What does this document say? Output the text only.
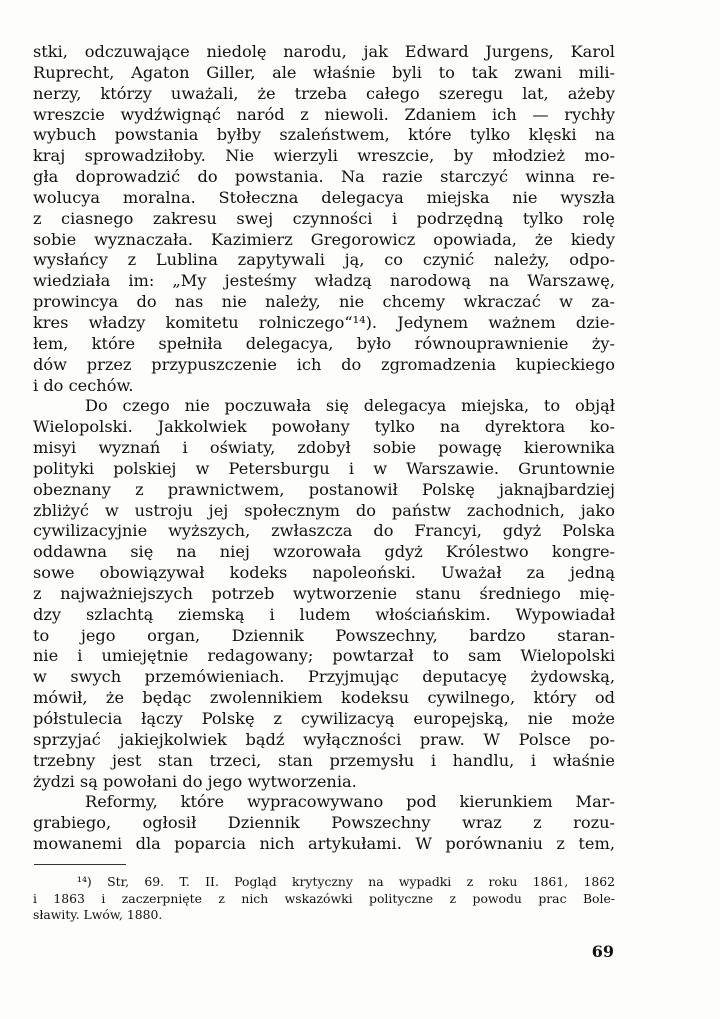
stki, odczuwające niedolę narodu, jak Edward Jurgens, Karol
Ruprecht, Agaton Giller, ale właśnie byli to tak zwani mili-
nerzy, którzy uważali, że trzeba całego szeregu lat, ażeby
wreszcie wydźwignąć naród z niewoli. Zdaniem ich — rychły
wybuch powstania byłby szaleństwem, które tylko klęski na
kraj sprowadziłoby. Nie wierzyli wreszcie, by młodzież mo-
gła doprowadzić do powstania. Na razie starczyć winna re-
wolucya moralna. Stołeczna delegacya miejska nie wyszła
z ciasnego zakresu swej czynności i podrzędną tylko rolę
sobie wyznaczała. Kazimierz Gregorowicz opowiada, że kiedy
wysłańcy z Lublina zapytywali ją, co czynić należy, odpo-
wiedziała im: „My jesteśmy władzą narodową na Warszawę,
prowincya do nas nie należy, nie chcemy wkraczać w za-
kres władzy komitetu rolniczego“¹⁴). Jedynem ważnem dzie-
łem, które spełniła delegacya, było równouprawnienie ży-
dów przez przypuszczenie ich do zgromadzenia kupieckiego
i do cechów.
Do czego nie poczuwała się delegacya miejska, to objął
Wielopolski. Jakkolwiek powołany tylko na dyrektora ko-
misyi wyznań i oświaty, zdobył sobie powagę kierownika
polityki polskiej w Petersburgu i w Warszawie. Gruntownie
obeznany z prawnictwem, postanowił Polskę jaknajbardziej
zbliżyć w ustroju jej społecznym do państw zachodnich, jako
cywilizacyjnie wyższych, zwłaszcza do Francyi, gdyż Polska
oddawna się na niej wzorowała gdyż Królestwo kongre-
sowe obowiązywał kodeks napoleoński. Uważał za jedną
z najważniejszych potrzeb wytworzenie stanu średniego mię-
dzy szlachtą ziemską i ludem włościańskim. Wypowiadał
to jego organ, Dziennik Powszechny, bardzo staran-
nie i umiejętnie redagowany; powtarzał to sam Wielopolski
w swych przemówieniach. Przyjmując deputacyę żydowską,
mówił, że będąc zwolennikiem kodeksu cywilnego, który od
półstulecia łączy Polskę z cywilizacyą europejską, nie może
sprzyjać jakiejkolwiek bądź wyłączności praw. W Polsce po-
trzebny jest stan trzeci, stan przemysłu i handlu, i właśnie
żydzi są powołani do jego wytworzenia.
Reformy, które wypracowywano pod kierunkiem Mar-
grabiego, ogłosił Dziennik Powszechny wraz z rozu-
mowanemi dla poparcia nich artykułami. W porównaniu z tem,
¹⁴) Str, 69. T. II. Pogląd krytyczny na wypadki z roku 1861, 1862
i 1863 i zaczerpnięte z nich wskazówki polityczne z powodu prac Bole-
sławity. Lwów, 1880.
69
